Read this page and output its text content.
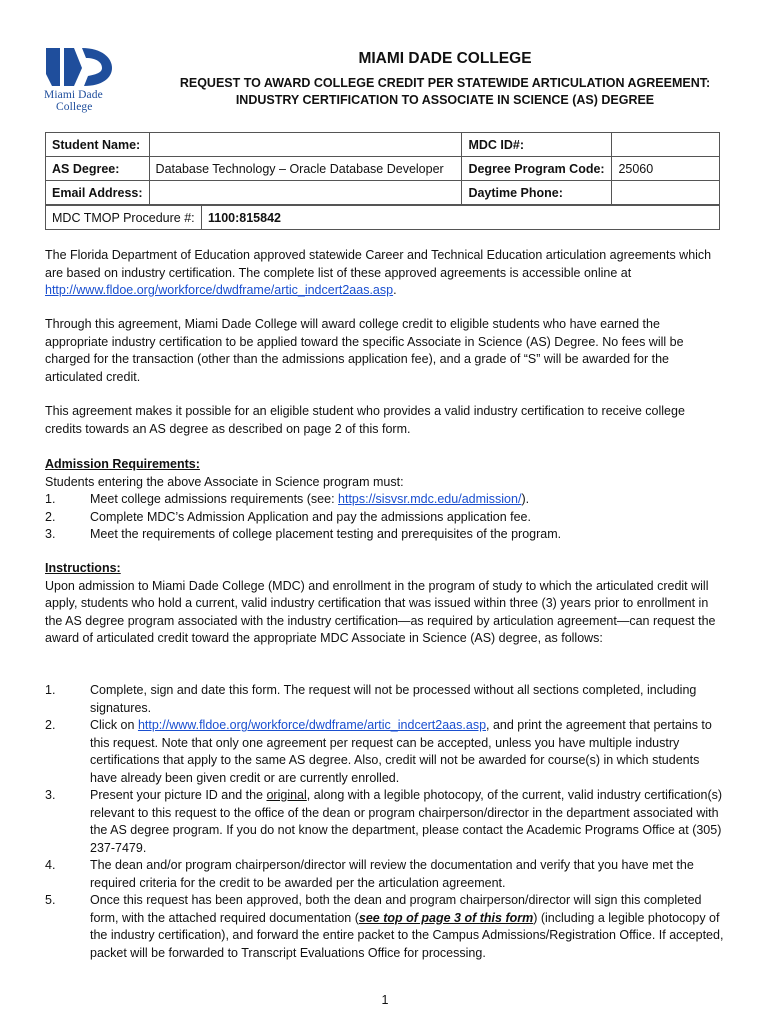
Miami Dade
College
MIAMI DADE COLLEGE
REQUEST TO AWARD COLLEGE CREDIT PER STATEWIDE ARTICULATION AGREEMENT:
INDUSTRY CERTIFICATION TO ASSOCIATE IN SCIENCE (AS) DEGREE
Student Name:		MDC ID#:	
AS Degree:	Database Technology – Oracle Database Developer	Degree Program Code:	25060
Email Address:		Daytime Phone:	
MDC TMOP Procedure #:	1100:815842

The Florida Department of Education approved statewide Career and Technical Education articulation agreements which are based on industry certification. The complete list of these approved agreements is accessible online at http://www.fldoe.org/workforce/dwdframe/artic_indcert2aas.asp.

Through this agreement, Miami Dade College will award college credit to eligible students who have earned the appropriate industry certification to be applied toward the specific Associate in Science (AS) Degree. No fees will be charged for the transaction (other than the admissions application fee), and a grade of “S” will be awarded for the articulated credit.

This agreement makes it possible for an eligible student who provides a valid industry certification to receive college credits towards an AS degree as described on page 2 of this form.

Admission Requirements:
Students entering the above Associate in Science program must:
1.	Meet college admissions requirements (see: https://sisvsr.mdc.edu/admission/).
2.	Complete MDC’s Admission Application and pay the admissions application fee.
3.	Meet the requirements of college placement testing and prerequisites of the program.
Instructions:
Upon admission to Miami Dade College (MDC) and enrollment in the program of study to which the articulated credit will apply, students who hold a current, valid industry certification that was issued within three (3) years prior to enrollment in the AS degree program associated with the industry certification—as required by articulation agreement—can request the award of articulated credit toward the appropriate MDC Associate in Science (AS) degree, as follows:
1.	Complete, sign and date this form. The request will not be processed without all sections completed, including signatures.
2.	Click on http://www.fldoe.org/workforce/dwdframe/artic_indcert2aas.asp, and print the agreement that pertains to this request. Note that only one agreement per request can be accepted, unless you have multiple industry certifications that apply to the same AS degree. Also, credit will not be awarded for course(s) in which students have already been given credit or are currently enrolled.
3.	Present your picture ID and the original, along with a legible photocopy, of the current, valid industry certification(s) relevant to this request to the office of the dean or program chairperson/director in the department associated with the AS degree program. If you do not know the department, please contact the Academic Programs Office at (305) 237-7479.
4.	The dean and/or program chairperson/director will review the documentation and verify that you have met the required criteria for the credit to be awarded per the articulation agreement.
5.	Once this request has been approved, both the dean and program chairperson/director will sign this completed form, with the attached required documentation (see top of page 3 of this form) (including a legible photocopy of the industry certification), and forward the entire packet to the Campus Admissions/Registration Office. If accepted, packet will be forwarded to Transcript Evaluations Office for processing.
1
